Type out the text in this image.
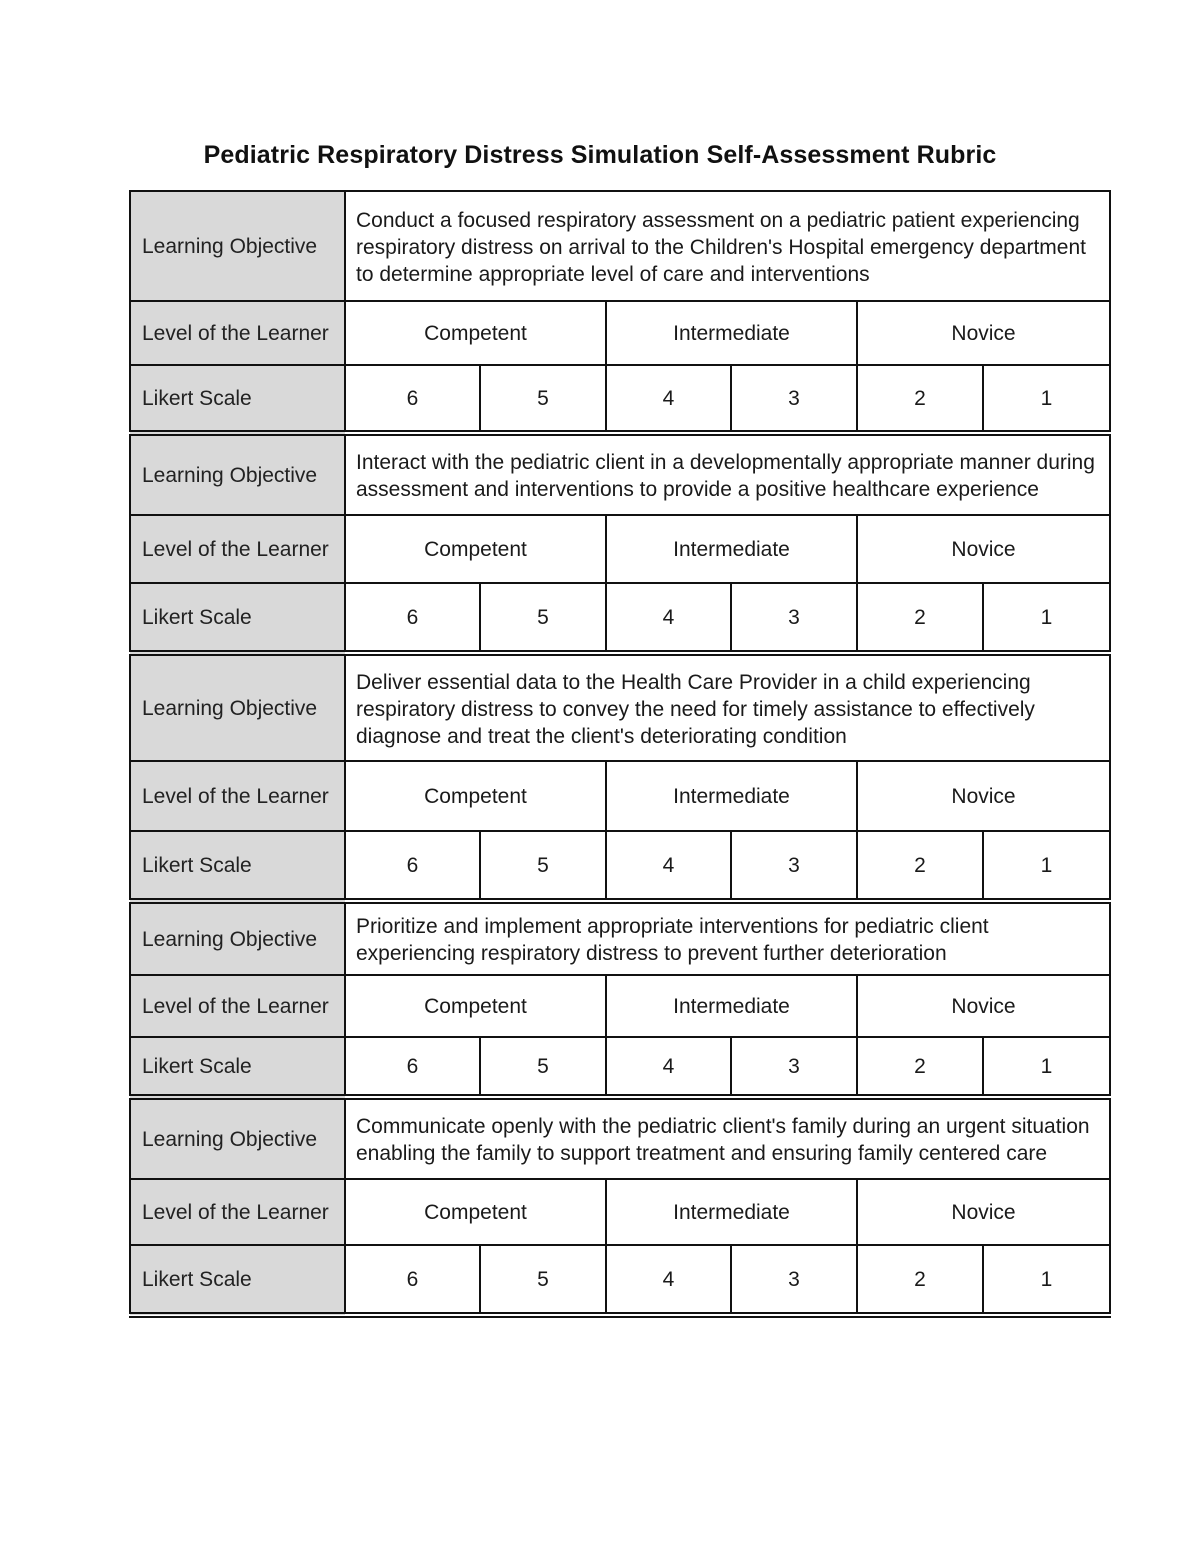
Pediatric Respiratory Distress Simulation Self-Assessment Rubric
Learning Objective	Conduct a focused respiratory assessment on a pediatric patient experiencing respiratory distress on arrival to the Children's Hospital emergency department to determine appropriate level of care and interventions					
Level of the Learner	Competent		Intermediate		Novice	
Likert Scale	6	5	4	3	2	1
Learning Objective	Interact with the pediatric client in a developmentally appropriate manner during assessment and interventions to provide a positive healthcare experience					
Level of the Learner	Competent		Intermediate		Novice	
Likert Scale	6	5	4	3	2	1
Learning Objective	Deliver essential data to the Health Care Provider in a child experiencing respiratory distress to convey the need for timely assistance to effectively diagnose and treat the client's deteriorating condition					
Level of the Learner	Competent		Intermediate		Novice	
Likert Scale	6	5	4	3	2	1
Learning Objective	Prioritize and implement appropriate interventions for pediatric client experiencing respiratory distress to prevent further deterioration					
Level of the Learner	Competent		Intermediate		Novice	
Likert Scale	6	5	4	3	2	1
Learning Objective	Communicate openly with the pediatric client's family during an urgent situation enabling the family to support treatment and ensuring family centered care					
Level of the Learner	Competent		Intermediate		Novice	
Likert Scale	6	5	4	3	2	1
